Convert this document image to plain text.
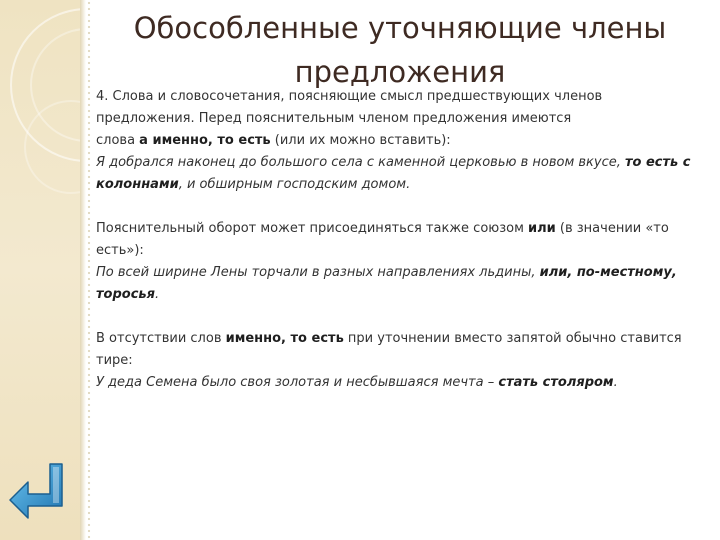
Обособленные уточняющие члены
предложения

4. Слова и словосочетания, поясняющие смысл предшествующих членов

предложения. Перед пояснительным членом предложения имеются

слова а именно, то есть (или их можно вставить):

Я добрался наконец до большого села с каменной церковью в новом вкусе, то есть с колоннами, и обширным господским домом.

Пояснительный оборот может присоединяться также союзом или (в значении «то есть»):

По всей ширине Лены торчали в разных направлениях льдины, или, по-местному, торосья.

В отсутствии слов именно, то есть при уточнении вместо запятой обычно ставится тире:

У деда Семена было своя золотая и несбывшаяся мечта – стать столяром.
